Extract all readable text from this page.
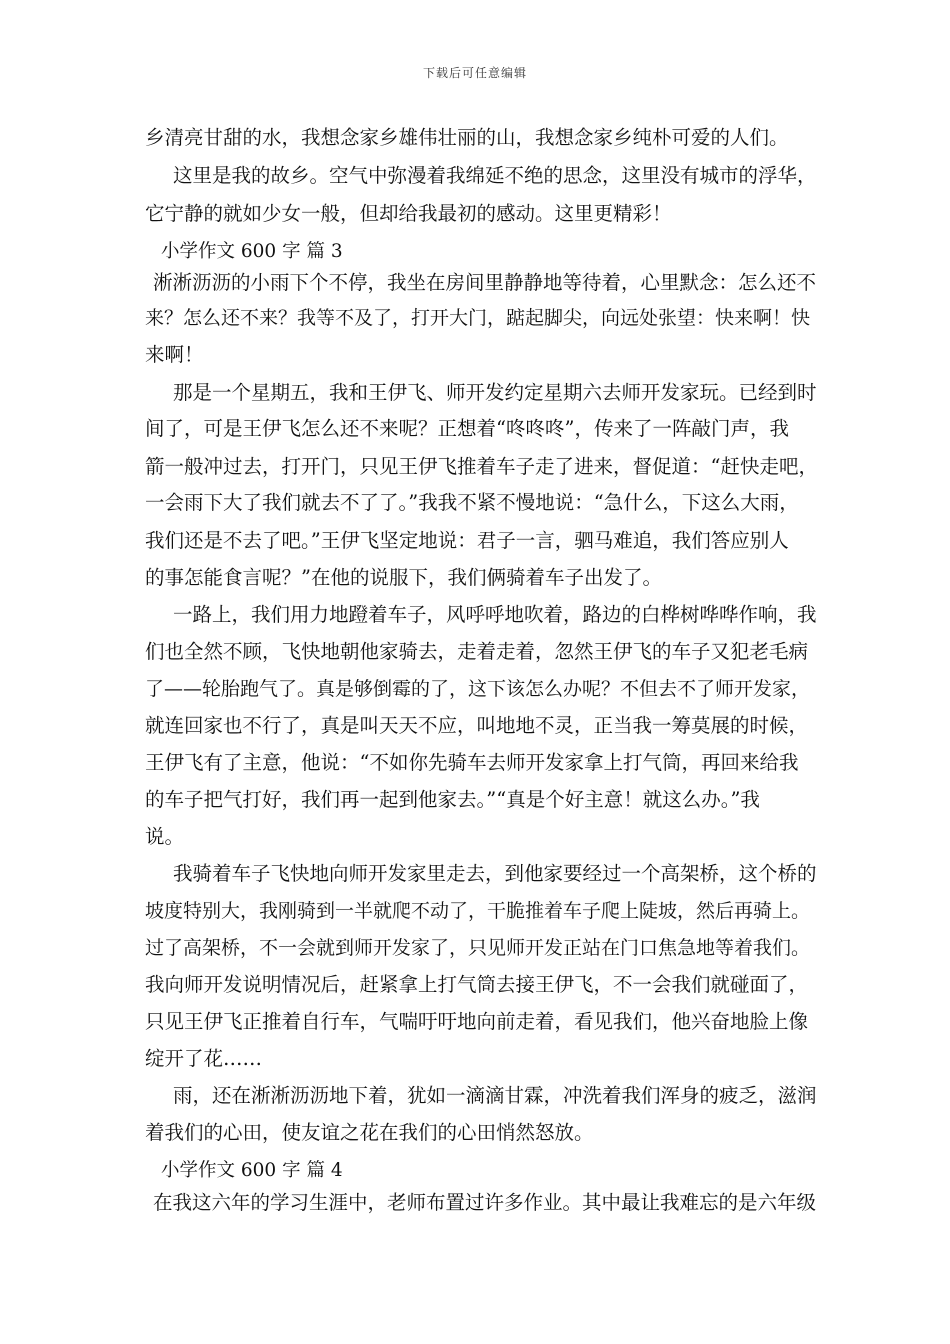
下载后可任意编辑
乡清亮甘甜的水，我想念家乡雄伟壮丽的山，我想念家乡纯朴可爱的人们。
这里是我的故乡。空气中弥漫着我绵延不绝的思念，这里没有城市的浮华，
它宁静的就如少女一般，但却给我最初的感动。这里更精彩！
小学作文 600 字 篇 3
淅淅沥沥的小雨下个不停，我坐在房间里静静地等待着，心里默念：怎么还不
来？怎么还不来？我等不及了，打开大门，踮起脚尖，向远处张望：快来啊！快
来啊！
那是一个星期五，我和王伊飞、师开发约定星期六去师开发家玩。已经到时
间了，可是王伊飞怎么还不来呢？正想着“咚咚咚”，传来了一阵敲门声，我
箭一般冲过去，打开门，只见王伊飞推着车子走了进来，督促道：“赶快走吧，
一会雨下大了我们就去不了了。”我我不紧不慢地说：“急什么，下这么大雨，
我们还是不去了吧。”王伊飞坚定地说：君子一言，驷马难追，我们答应别人
的事怎能食言呢？”在他的说服下，我们俩骑着车子出发了。
一路上，我们用力地蹬着车子，风呼呼地吹着，路边的白桦树哗哗作响，我
们也全然不顾，飞快地朝他家骑去，走着走着，忽然王伊飞的车子又犯老毛病
了——轮胎跑气了。真是够倒霉的了，这下该怎么办呢？不但去不了师开发家，
就连回家也不行了，真是叫天天不应，叫地地不灵，正当我一筹莫展的时候，
王伊飞有了主意，他说：“不如你先骑车去师开发家拿上打气筒，再回来给我
的车子把气打好，我们再一起到他家去。”“真是个好主意！就这么办。”我
说。
我骑着车子飞快地向师开发家里走去，到他家要经过一个高架桥，这个桥的
坡度特别大，我刚骑到一半就爬不动了，干脆推着车子爬上陡坡，然后再骑上。
过了高架桥，不一会就到师开发家了，只见师开发正站在门口焦急地等着我们。
我向师开发说明情况后，赶紧拿上打气筒去接王伊飞，不一会我们就碰面了，
只见王伊飞正推着自行车，气喘吁吁地向前走着，看见我们，他兴奋地脸上像
绽开了花……
雨，还在淅淅沥沥地下着，犹如一滴滴甘霖，冲洗着我们浑身的疲乏，滋润
着我们的心田，使友谊之花在我们的心田悄然怒放。
小学作文 600 字 篇 4
在我这六年的学习生涯中，老师布置过许多作业。其中最让我难忘的是六年级
